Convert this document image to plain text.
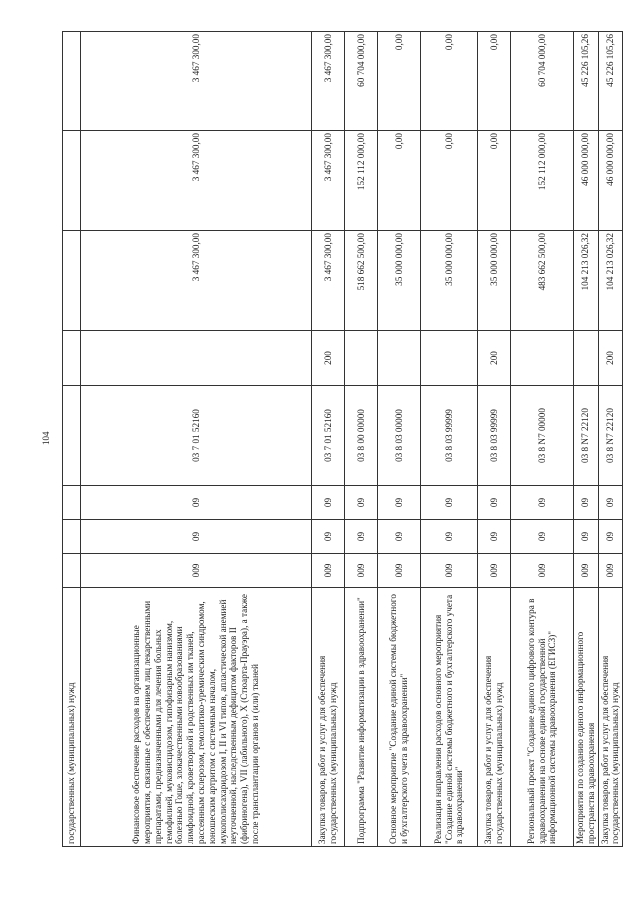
104
государственных (муниципальных) нужд								
Финансовое обеспечение расходов на организационные мероприятия, связанные с обеспечением лиц лекарственными препаратами, предназначенными для лечения больных гемофилией, муковисцидозом, гипофизарным нанизмом, болезнью Гоше, злокачественными новообразованиями лимфоидной, кроветворной и родственных им тканей, рассеянным склерозом, гемолитико-уремическим синдромом, юношеским артритом с системным началом, мукополисахаридозом I, II и VI типов, апластической анемией неуточненной, наследственным дефицитом факторов II (фибриногена), VII (лабильного), X (Стюарта-Прауэра), а также после трансплантации органов и (или) тканей	009	09	09	03 7 01 52160		3 467 300,00	3 467 300,00	3 467 300,00
Закупка товаров, работ и услуг для обеспечения государственных (муниципальных) нужд	009	09	09	03 7 01 52160	200	3 467 300,00	3 467 300,00	3 467 300,00
Подпрограмма "Развитие информатизации в здравоохранении"	009	09	09	03 8 00 00000		518 662 500,00	152 112 000,00	60 704 000,00
Основное мероприятие "Создание единой системы бюджетного и бухгалтерского учета в здравоохранении"	009	09	09	03 8 03 00000		35 000 000,00	0,00	0,00
Реализация направления расходов основного мероприятия "Создание единой системы бюджетного и бухгалтерского учета в здравоохранении"	009	09	09	03 8 03 99999		35 000 000,00	0,00	0,00
Закупка товаров, работ и услуг для обеспечения государственных (муниципальных) нужд	009	09	09	03 8 03 99999	200	35 000 000,00	0,00	0,00
Региональный проект "Создание единого цифрового контура в здравоохранении на основе единой государственной информационной системы здравоохранения (ЕГИСЗ)"	009	09	09	03 8 N7 00000		483 662 500,00	152 112 000,00	60 704 000,00
Мероприятия по созданию единого информационного пространства здравоохранения	009	09	09	03 8 N7 22120		104 213 026,32	46 000 000,00	45 226 105,26
Закупка товаров, работ и услуг для обеспечения государственных (муниципальных) нужд	009	09	09	03 8 N7 22120	200	104 213 026,32	46 000 000,00	45 226 105,26
